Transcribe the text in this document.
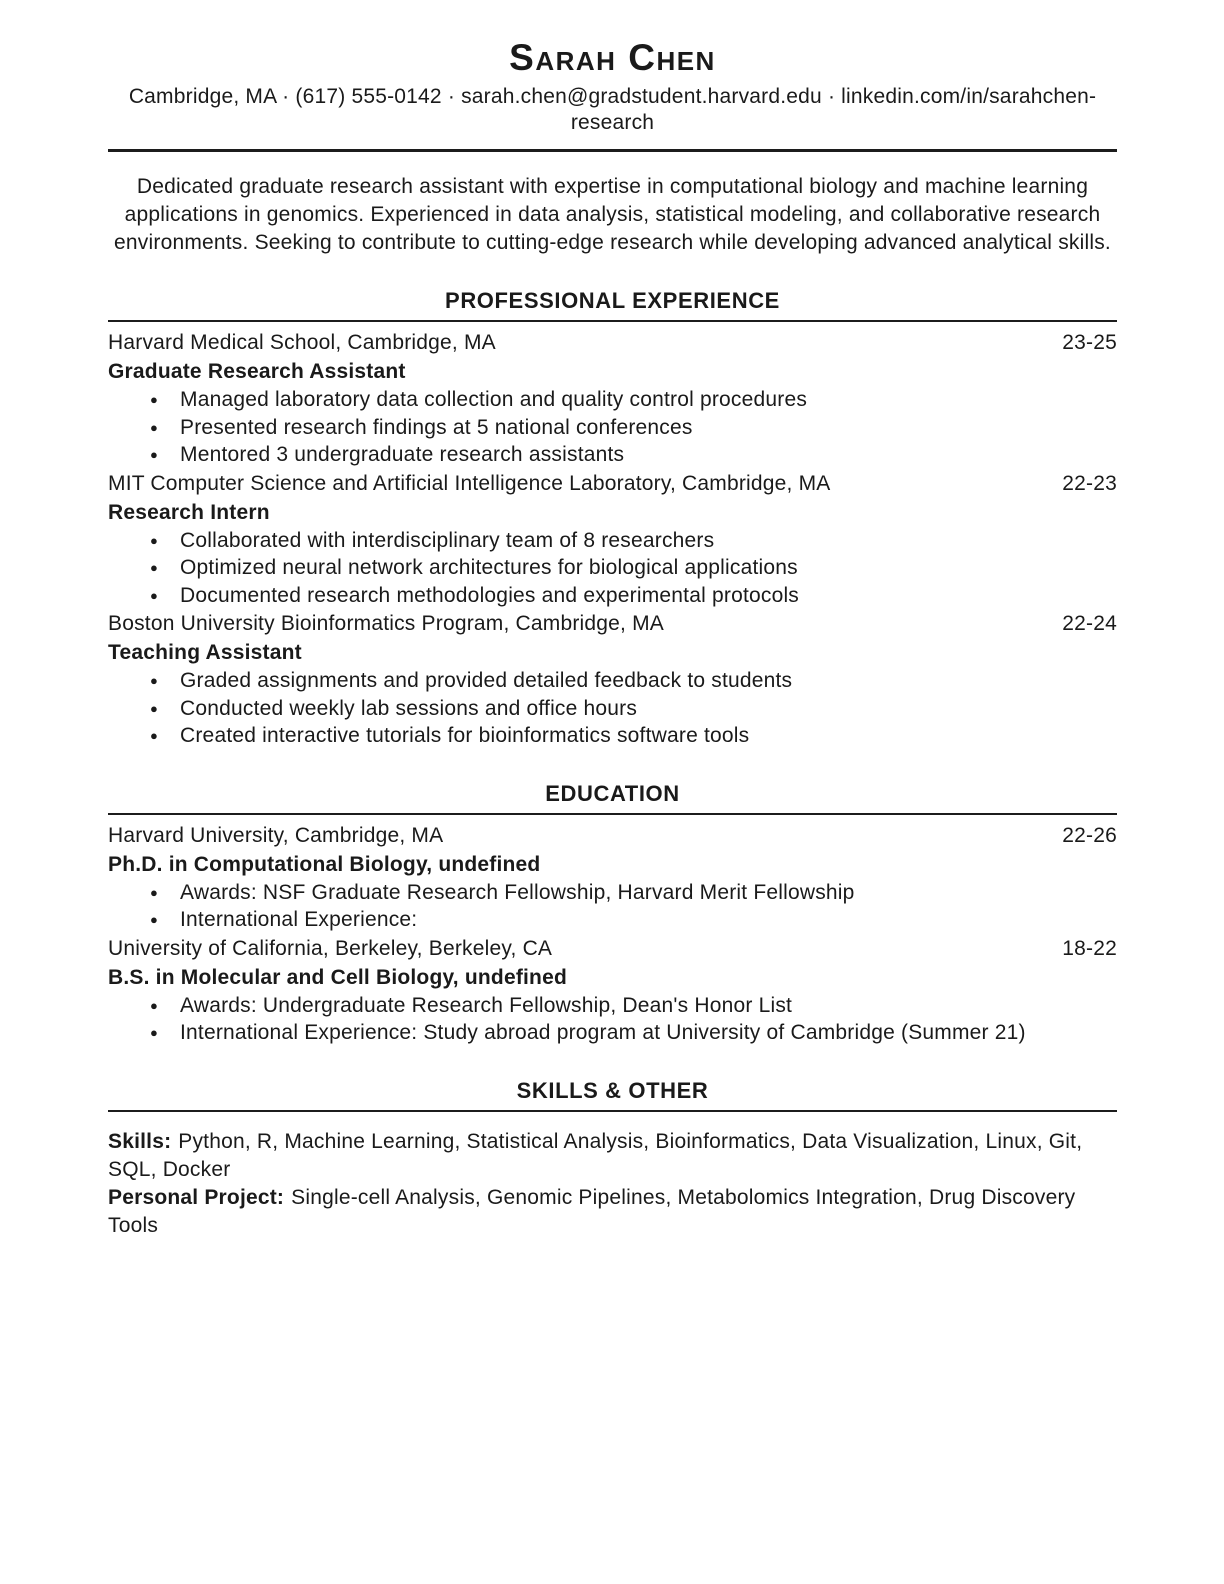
Sarah Chen
Cambridge, MA · (617) 555-0142 · sarah.chen@gradstudent.harvard.edu · linkedin.com/in/sarahchen-research

Dedicated graduate research assistant with expertise in computational biology and machine learning applications in genomics. Experienced in data analysis, statistical modeling, and collaborative research environments. Seeking to contribute to cutting-edge research while developing advanced analytical skills.

PROFESSIONAL EXPERIENCE
Harvard Medical School, Cambridge, MA	23-25
Graduate Research Assistant
● Managed laboratory data collection and quality control procedures
● Presented research findings at 5 national conferences
● Mentored 3 undergraduate research assistants
MIT Computer Science and Artificial Intelligence Laboratory, Cambridge, MA	22-23
Research Intern
● Collaborated with interdisciplinary team of 8 researchers
● Optimized neural network architectures for biological applications
● Documented research methodologies and experimental protocols
Boston University Bioinformatics Program, Cambridge, MA	22-24
Teaching Assistant
● Graded assignments and provided detailed feedback to students
● Conducted weekly lab sessions and office hours
● Created interactive tutorials for bioinformatics software tools
EDUCATION
Harvard University, Cambridge, MA	22-26
Ph.D. in Computational Biology, undefined
● Awards: NSF Graduate Research Fellowship, Harvard Merit Fellowship
● International Experience:
University of California, Berkeley, Berkeley, CA	18-22
B.S. in Molecular and Cell Biology, undefined
● Awards: Undergraduate Research Fellowship, Dean's Honor List
● International Experience: Study abroad program at University of Cambridge (Summer 21)
SKILLS & OTHER

Skills: Python, R, Machine Learning, Statistical Analysis, Bioinformatics, Data Visualization, Linux, Git, SQL, Docker

Personal Project: Single-cell Analysis, Genomic Pipelines, Metabolomics Integration, Drug Discovery Tools
